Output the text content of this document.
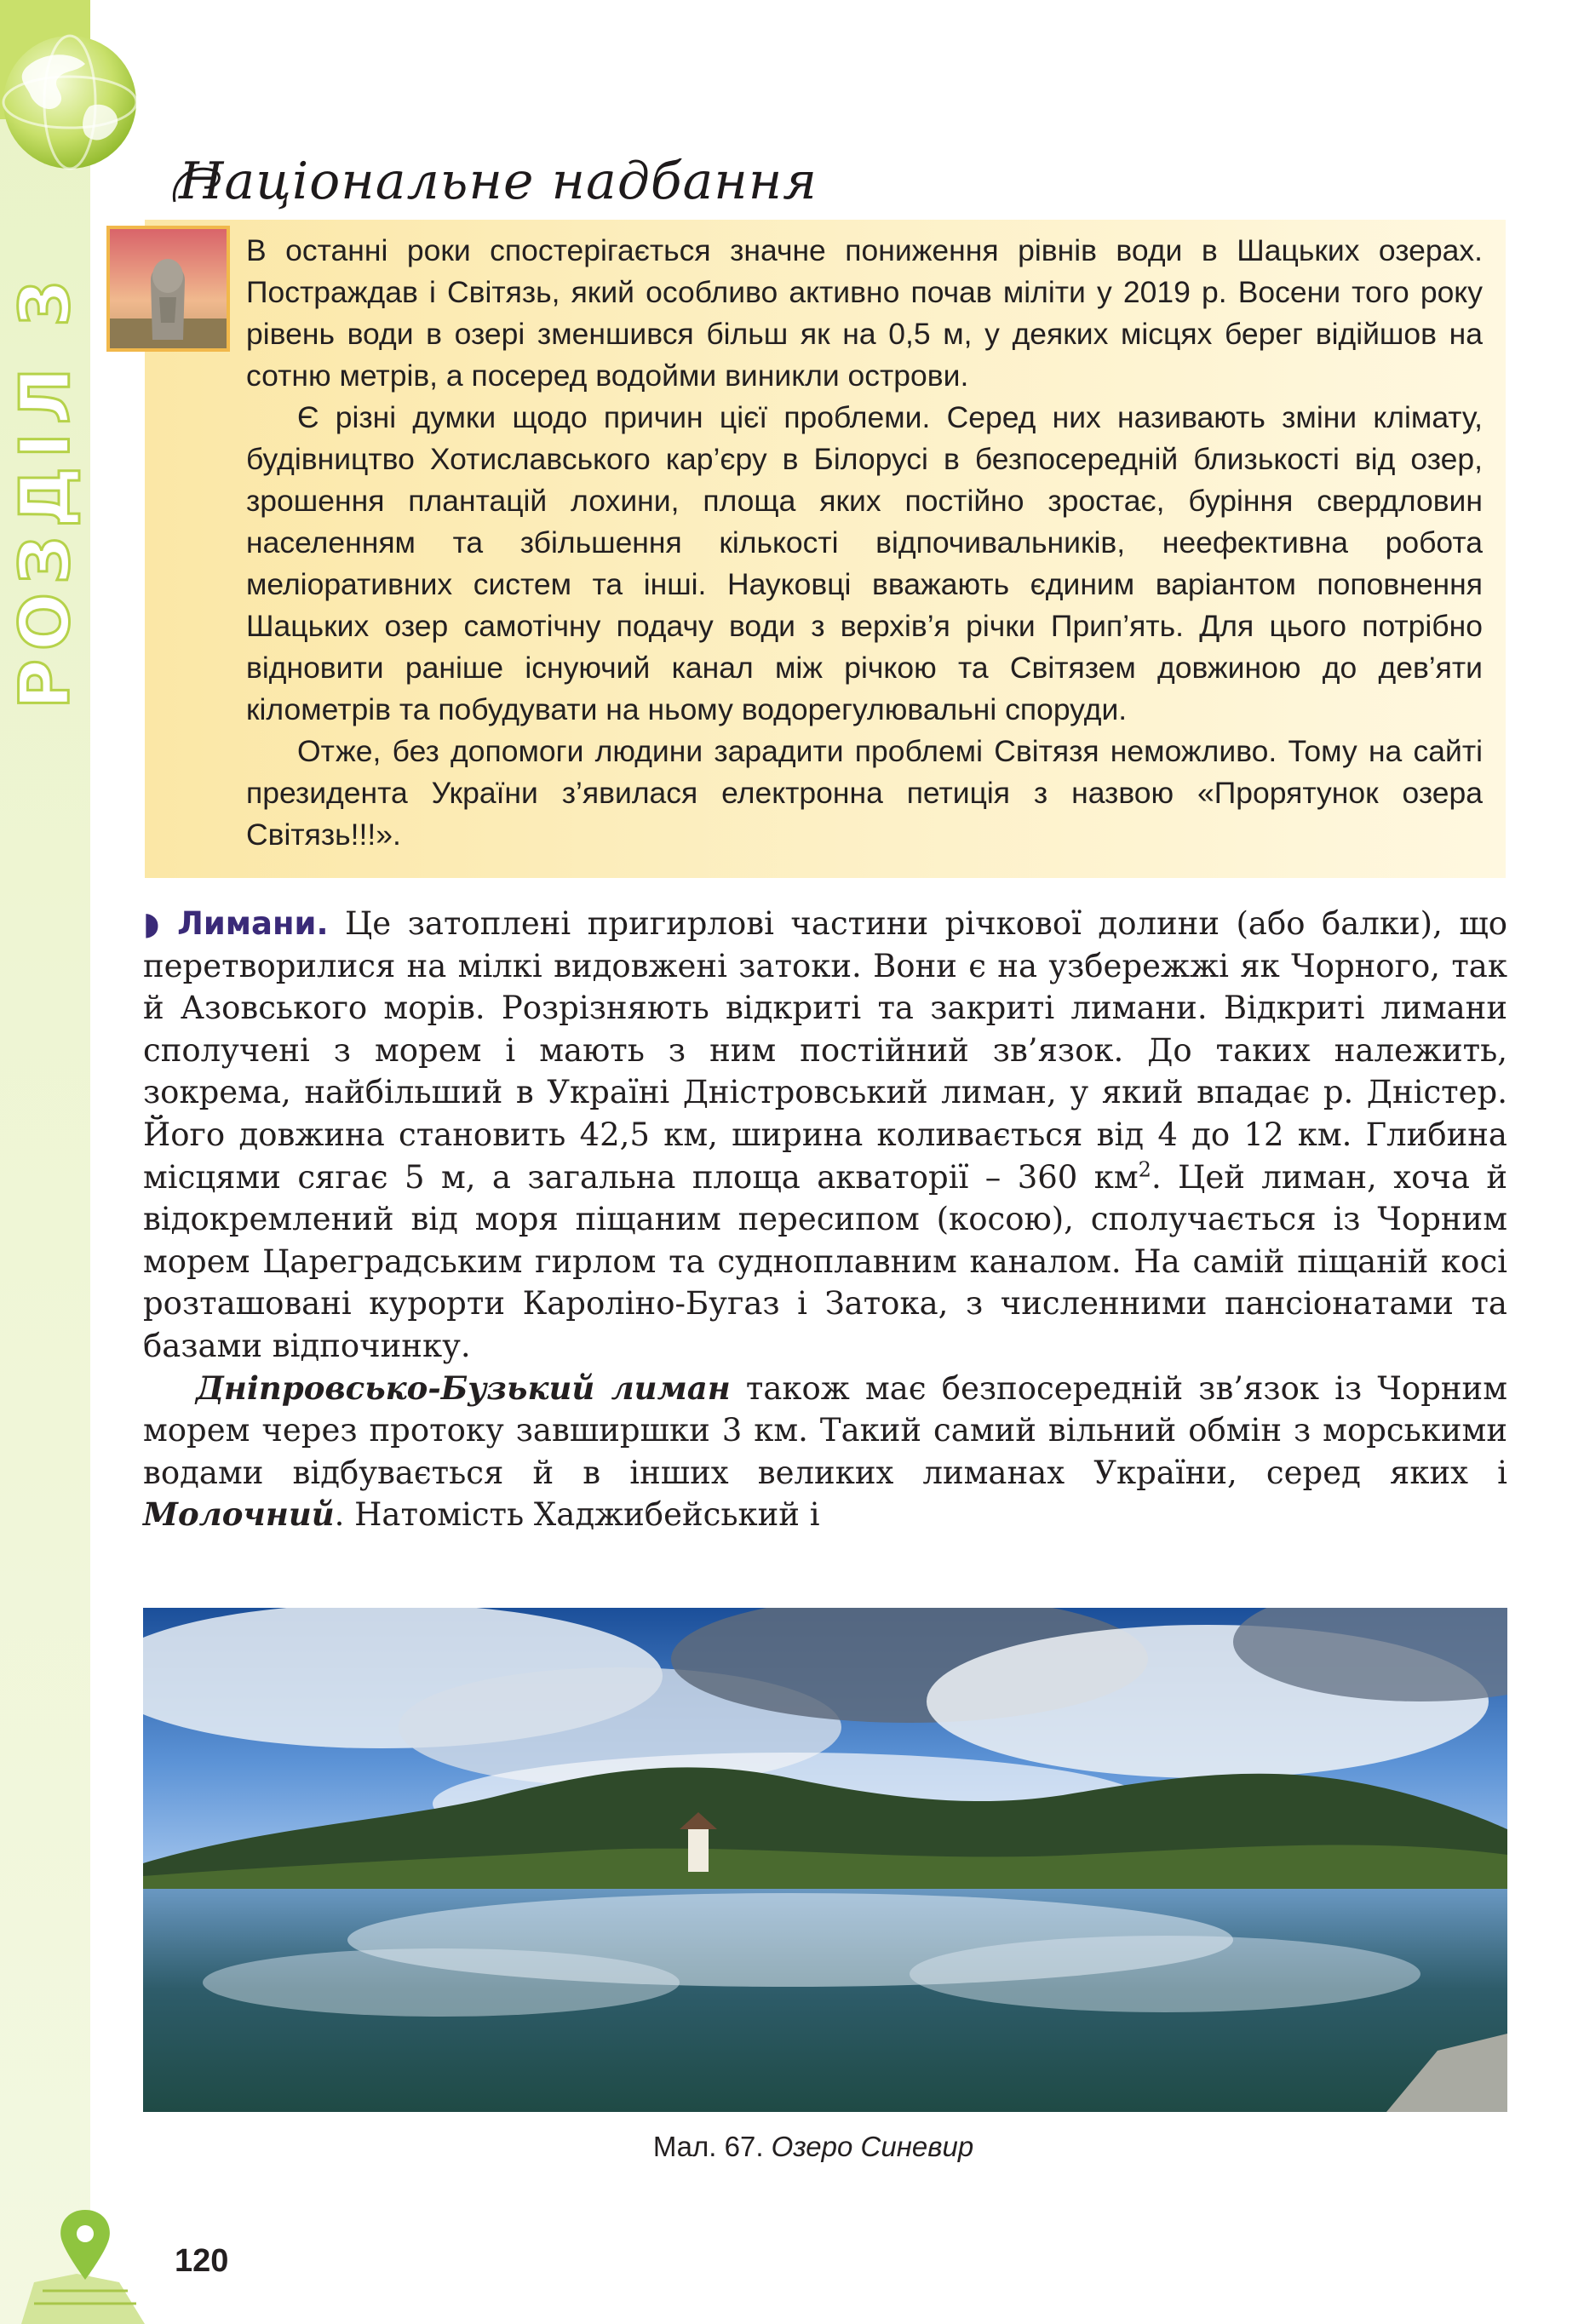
РОЗДІЛ 3
Національне надбання

В останні роки спостерігається значне пониження рівнів води в Шацьких озерах. Постраждав і Світязь, який особливо активно почав міліти у 2019 р. Восени того року рівень води в озері зменшився більш як на 0,5 м, у деяких місцях берег відійшов на сотню метрів, а посеред водойми виникли острови.

Є різні думки щодо причин цієї проблеми. Серед них називають зміни клімату, будівництво Хотиславського кар’єру в Білорусі в безпосередній близькості від озер, зрошення плантацій лохини, площа яких постійно зростає, буріння свердловин населенням та збільшення кількості відпочивальників, неефективна робота меліоративних систем та інші. Науковці вважають єдиним варіантом поповнення Шацьких озер самотічну подачу води з верхів’я річки Прип’ять. Для цього потрібно відновити раніше існуючий канал між річкою та Світязем довжиною до дев’яти кілометрів та побудувати на ньому водорегулювальні споруди.

Отже, без допомоги людини зарадити проблемі Світязя неможливо. Тому на сайті президента України з’явилася електронна петиція з назвою «Прорятунок озера Світязь!!!».

◗ Лимани. Це затоплені пригирлові частини річкової долини (або балки), що перетворилися на мілкі видовжені затоки. Вони є на узбережжі як Чорного, так й Азовського морів. Розрізняють відкриті та закриті лимани. Відкриті лимани сполучені з морем і мають з ним постійний зв’язок. До таких належить, зокрема, найбільший в Україні Дністровський лиман, у який впадає р. Дністер. Його довжина становить 42,5 км, ширина коливається від 4 до 12 км. Глибина місцями сягає 5 м, а загальна площа акваторії – 360 $км^2$. Цей лиман, хоча й відокремлений від моря піщаним пересипом (косою), сполучається із Чорним морем Цареградським гирлом та судноплавним каналом. На самій піщаній косі розташовані курорти Кароліно-Бугаз і Затока, з численними пансіонатами та базами відпочинку.

Дніпровсько-Бузький лиман також має безпосередній зв’язок із Чорним морем через протоку завширшки 3 км. Такий самий вільний обмін з морськими водами відбувається й в інших великих лиманах України, серед яких і Молочний. Натомість Хаджибейський і

Мал. 67. Озеро Синевир
120
